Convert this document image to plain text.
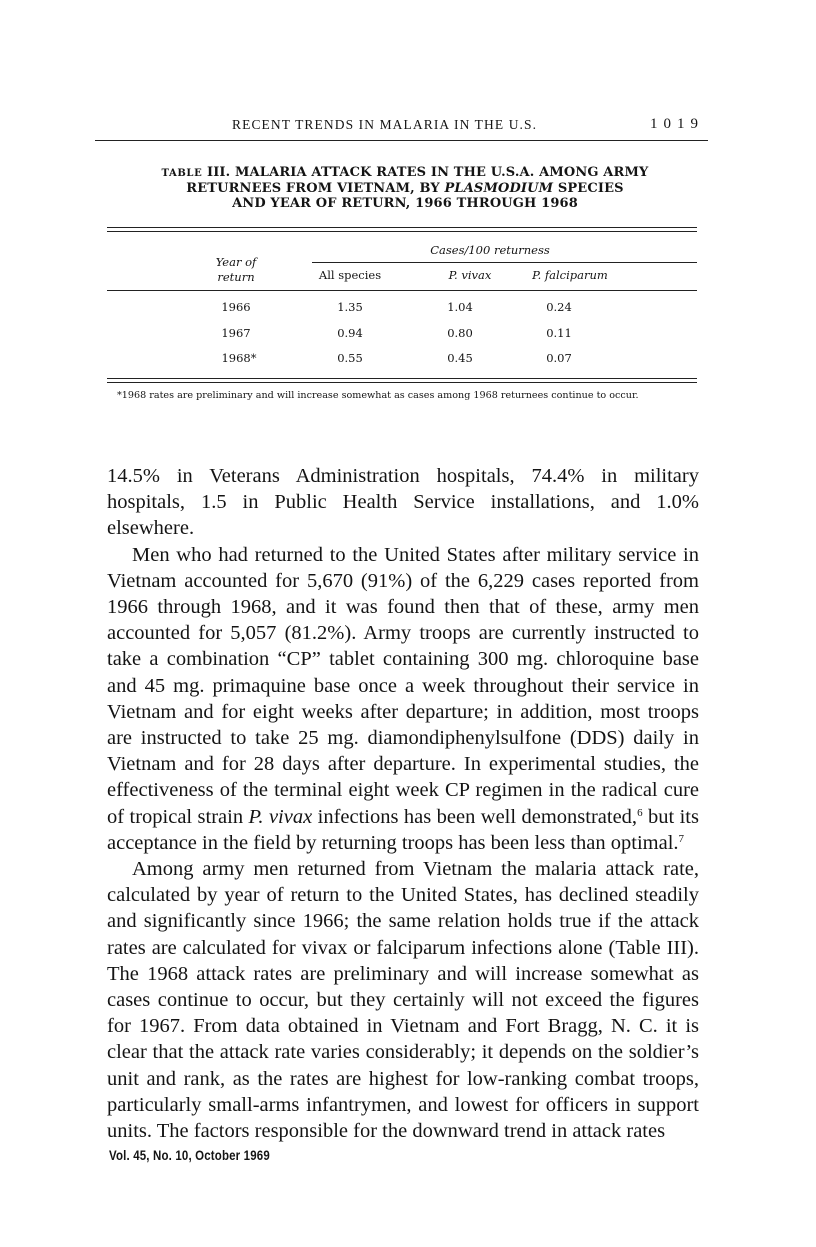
RECENT TRENDS IN MALARIA IN THE U.S.	1019
TABLE III. MALARIA ATTACK RATES IN THE U.S.A. AMONG ARMY
RETURNEES FROM VIETNAM, BY PLASMODIUM SPECIES
AND YEAR OF RETURN, 1966 THROUGH 1968
Year of
return
Cases/100 returness
All species	P. vivax	P. falciparum
1966	1.35	1.04	0.24
1967	0.94	0.80	0.11
1968*	0.55	0.45	0.07
*1968 rates are preliminary and will increase somewhat as cases among 1968 returnees continue to occur.

14.5% in Veterans Administration hospitals, 74.4% in military hospitals, 1.5 in Public Health Service installations, and 1.0% elsewhere.

Men who had returned to the United States after military service in Vietnam accounted for 5,670 (91%) of the 6,229 cases reported from 1966 through 1968, and it was found then that of these, army men accounted for 5,057 (81.2%). Army troops are currently instructed to take a combination “CP” tablet containing 300 mg. chloroquine base and 45 mg. primaquine base once a week throughout their service in Vietnam and for eight weeks after departure; in addition, most troops are instructed to take 25 mg. diamondiphenylsulfone (DDS) daily in Vietnam and for 28 days after departure. In experimental studies, the effectiveness of the terminal eight week CP regimen in the radical cure of tropical strain P. vivax infections has been well demonstrated,$^6$ but its acceptance in the field by returning troops has been less than optimal.$^7$

Among army men returned from Vietnam the malaria attack rate, calculated by year of return to the United States, has declined steadily and significantly since 1966; the same relation holds true if the attack rates are calculated for vivax or falciparum infections alone (Table III). The 1968 attack rates are preliminary and will increase somewhat as cases continue to occur, but they certainly will not exceed the figures for 1967. From data obtained in Vietnam and Fort Bragg, N. C. it is clear that the attack rate varies considerably; it depends on the soldier’s unit and rank, as the rates are highest for low-ranking combat troops, particularly small-arms infantrymen, and lowest for officers in support units. The factors responsible for the downward trend in attack rates

Vol. 45, No. 10, October 1969
